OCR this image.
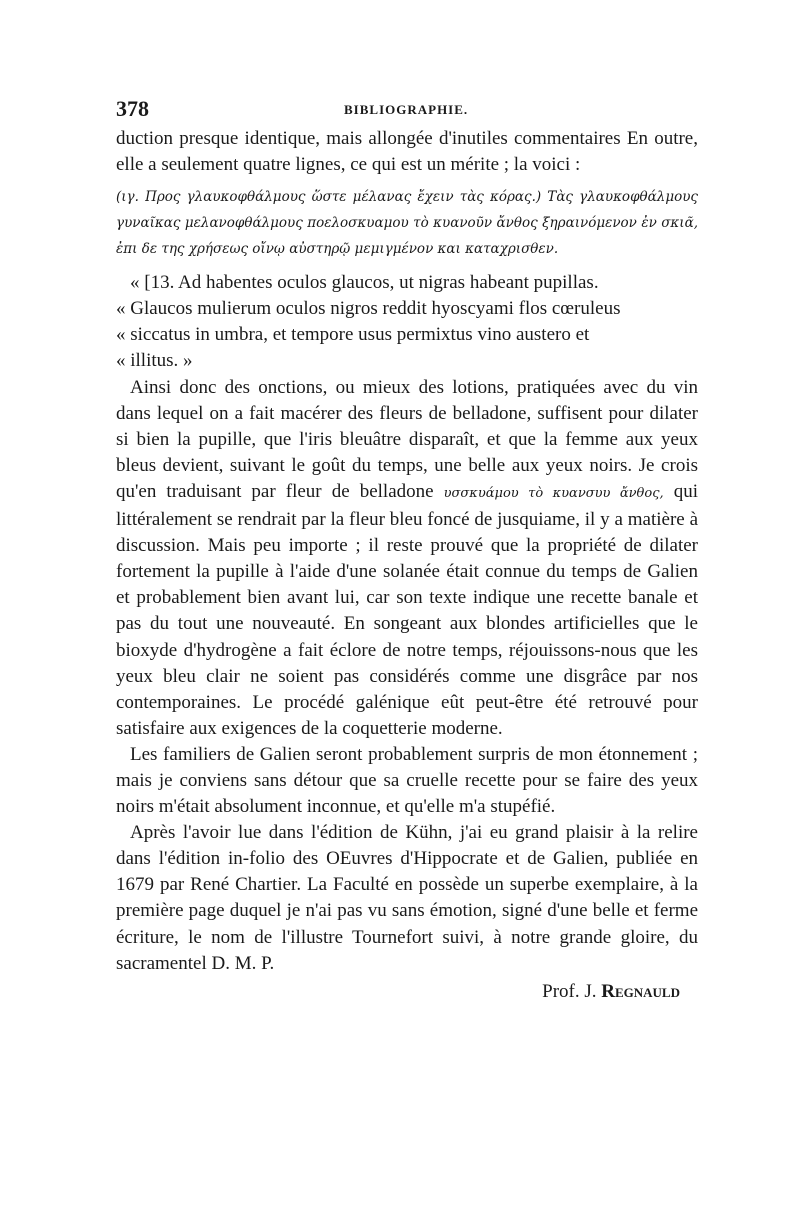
378	BIBLIOGRAPHIE.

duction presque identique, mais allongée d'inutiles commentaires En outre, elle a seulement quatre lignes, ce qui est un mérite ; la voici :

(ιγ. Προς γλαυκοφθάλμους ὥστε μέλανας ἔχειν τὰς κόρας.) Τὰς γλαυκοφθάλμους γυναῖκας μελανοφθάλμους ποελοσκυαμου τὸ κυανοῦν ἄνθος ξηραινόμενον ἐν σκιᾶ, ἐπι δε της χρήσεως οἴνῳ αὐστηρῷ μεμιγμένον και καταχρισθεν.

« [13. Ad habentes oculos glaucos, ut nigras habeant pupillas.

« Glaucos mulierum oculos nigros reddit hyoscyami flos cœruleus

« siccatus in umbra, et tempore usus permixtus vino austero et

« illitus. »

Ainsi donc des onctions, ou mieux des lotions, pratiquées avec du vin dans lequel on a fait macérer des fleurs de belladone, suffisent pour dilater si bien la pupille, que l'iris bleuâtre disparaît, et que la femme aux yeux bleus devient, suivant le goût du temps, une belle aux yeux noirs. Je crois qu'en traduisant par fleur de belladone υσσκυάμου τὸ κυανσυυ ἄνθος, qui littéralement se rendrait par la fleur bleu foncé de jusquiame, il y a matière à discussion. Mais peu importe ; il reste prouvé que la propriété de dilater fortement la pupille à l'aide d'une solanée était connue du temps de Galien et probablement bien avant lui, car son texte indique une recette banale et pas du tout une nouveauté. En songeant aux blondes artificielles que le bioxyde d'hydrogène a fait éclore de notre temps, réjouissons-nous que les yeux bleu clair ne soient pas considérés comme une disgrâce par nos contemporaines. Le procédé galénique eût peut-être été retrouvé pour satisfaire aux exigences de la coquetterie moderne.

Les familiers de Galien seront probablement surpris de mon étonnement ; mais je conviens sans détour que sa cruelle recette pour se faire des yeux noirs m'était absolument inconnue, et qu'elle m'a stupéfié.

Après l'avoir lue dans l'édition de Kühn, j'ai eu grand plaisir à la relire dans l'édition in-folio des OEuvres d'Hippocrate et de Galien, publiée en 1679 par René Chartier. La Faculté en possède un superbe exemplaire, à la première page duquel je n'ai pas vu sans émotion, signé d'une belle et ferme écriture, le nom de l'illustre Tournefort suivi, à notre grande gloire, du sacramentel D. M. P.

Prof. J. Regnauld
